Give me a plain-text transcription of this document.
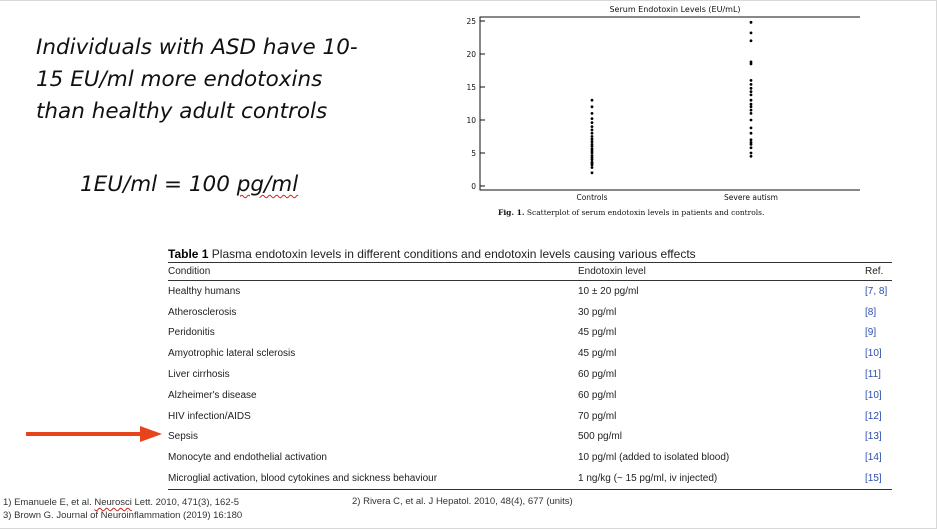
Individuals with ASD have 10-
15 EU/ml more endotoxins
than healthy adult controls
1EU/ml = 100 pg/ml
Serum Endotoxin Levels (EU/mL)
0
5
10
15
20
25
Controls	Severe autism
Fig. 1. Scatterplot of serum endotoxin levels in patients and controls.
Table 1 Plasma endotoxin levels in different conditions and endotoxin levels causing various effects
Condition	Endotoxin level	Ref.
Healthy humans	10 ± 20 pg/ml	[7, 8]
Atherosclerosis	30 pg/ml	[8]
Peridonitis	45 pg/ml	[9]
Amyotrophic lateral sclerosis	45 pg/ml	[10]
Liver cirrhosis	60 pg/ml	[11]
Alzheimer's disease	60 pg/ml	[10]
HIV infection/AIDS	70 pg/ml	[12]
Sepsis	500 pg/ml	[13]
Monocyte and endothelial activation	10 pg/ml (added to isolated blood)	[14]
Microglial activation, blood cytokines and sickness behaviour	1 ng/kg (~ 15 pg/ml, iv injected)	[15]
1) Emanuele E, et al. Neurosci Lett. 2010, 471(3), 162-5
3) Brown G. Journal of Neuroinflammation (2019) 16:180
2) Rivera C, et al. J Hepatol. 2010, 48(4), 677 (units)
